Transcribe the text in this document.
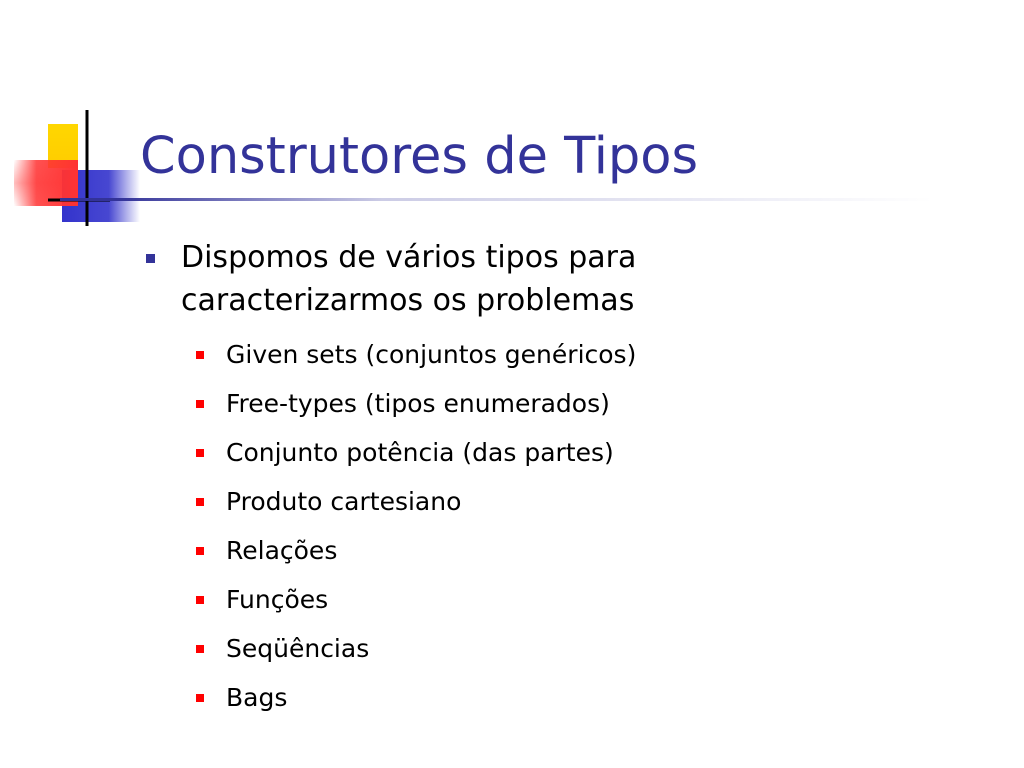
Construtores de Tipos
Dispomos de vários tipos para
caracterizarmos os problemas
Given sets (conjuntos genéricos)
Free-types (tipos enumerados)
Conjunto potência (das partes)
Produto cartesiano
Relações
Funções
Seqüências
Bags
